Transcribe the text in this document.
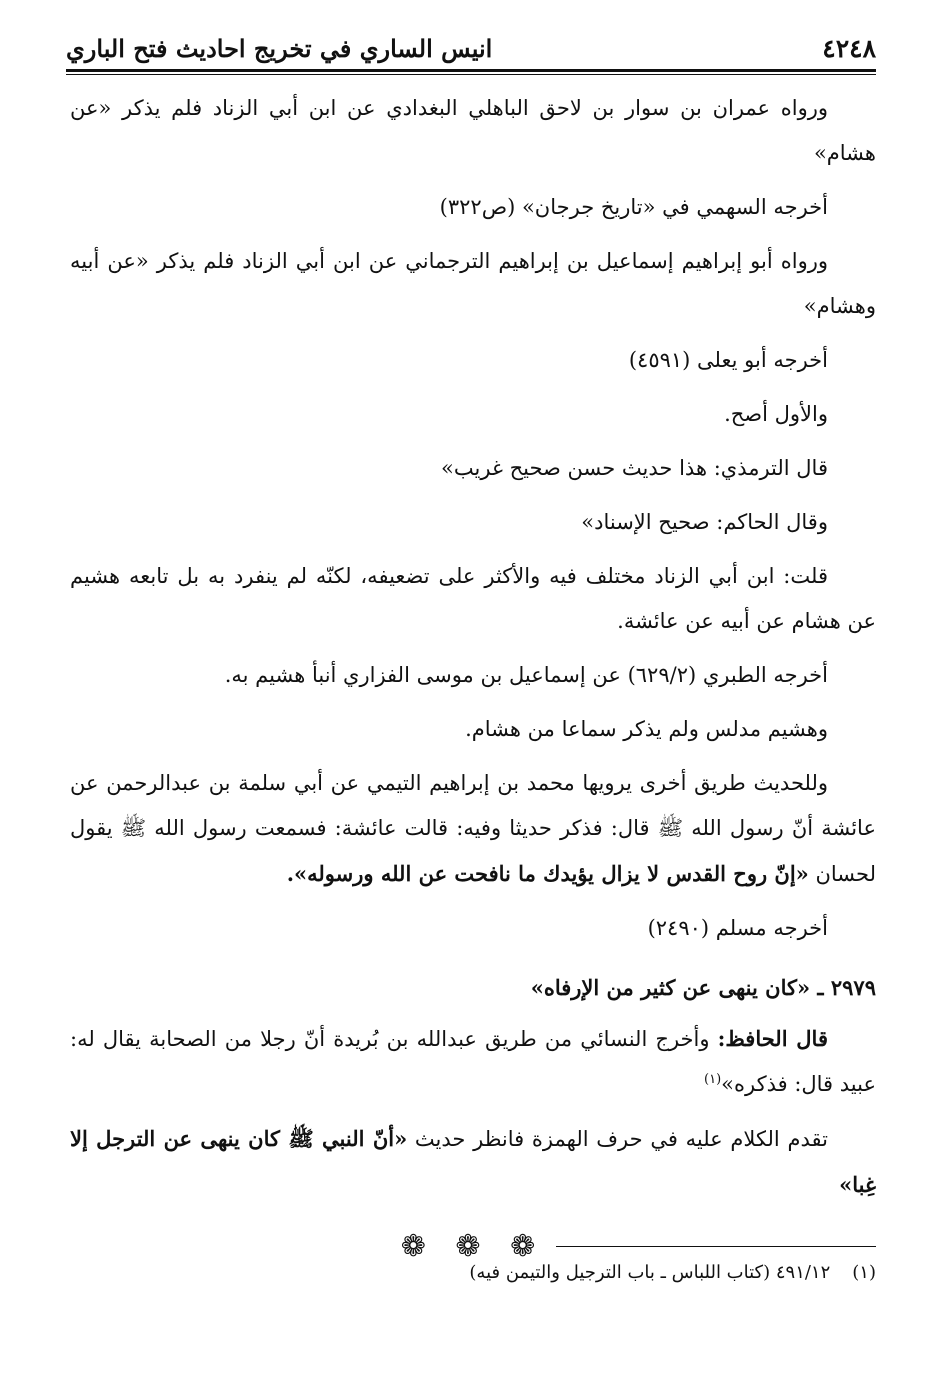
٤٢٤٨
انيس الساري في تخريج احاديث فتح الباري

ورواه عمران بن سوار بن لاحق الباهلي البغدادي عن ابن أبي الزناد فلم يذكر «عن هشام»

أخرجه السهمي في «تاريخ جرجان» (ص٣٢٢)

ورواه أبو إبراهيم إسماعيل بن إبراهيم الترجماني عن ابن أبي الزناد فلم يذكر «عن أبيه وهشام»

أخرجه أبو يعلى (٤٥٩١)

والأول أصح.

قال الترمذي: هذا حديث حسن صحيح غريب»

وقال الحاكم: صحيح الإسناد»

قلت: ابن أبي الزناد مختلف فيه والأكثر على تضعيفه، لكنّه لم ينفرد به بل تابعه هشيم عن هشام عن أبيه عن عائشة.

أخرجه الطبري (٦٢٩/٢) عن إسماعيل بن موسى الفزاري أنبأ هشيم به.

وهشيم مدلس ولم يذكر سماعا من هشام.

وللحديث طريق أخرى يرويها محمد بن إبراهيم التيمي عن أبي سلمة بن عبدالرحمن عن عائشة أنّ رسول الله ﷺ قال: فذكر حديثا وفيه: قالت عائشة: فسمعت رسول الله ﷺ يقول لحسان «إنّ روح القدس لا يزال يؤيدك ما نافحت عن الله ورسوله».

أخرجه مسلم (٢٤٩٠)

٢٩٧٩ ـ «كان ينهى عن كثير من الإرفاه»

قال الحافظ: وأخرج النسائي من طريق عبدالله بن بُريدة أنّ رجلا من الصحابة يقال له: عبيد قال: فذكره»$^{(١)}$

تقدم الكلام عليه في حرف الهمزة فانظر حديث «أنّ النبي ﷺ كان ينهى عن الترجل إلا غِبا»

❁ ❁ ❁

(١)٤٩١/١٢ (كتاب اللباس ـ باب الترجيل والتيمن فيه)
